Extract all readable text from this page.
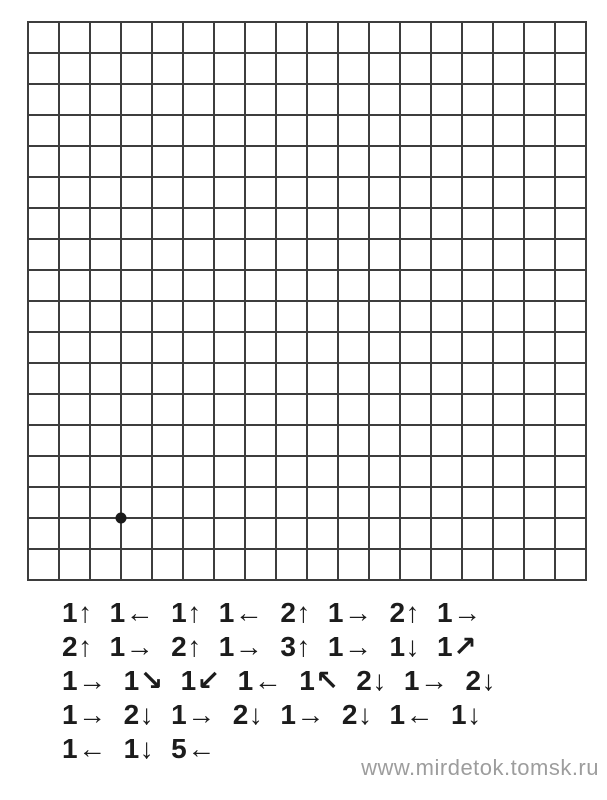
1↑ 1← 1↑ 1← 2↑ 1→ 2↑ 1→
2↑ 1→ 2↑ 1→ 3↑ 1→ 1↓ 1↗
1→ 1↘ 1↙ 1← 1↖ 2↓ 1→ 2↓
1→ 2↓ 1→ 2↓ 1→ 2↓ 1← 1↓
1← 1↓ 5←
www.mirdetok.tomsk.ru
